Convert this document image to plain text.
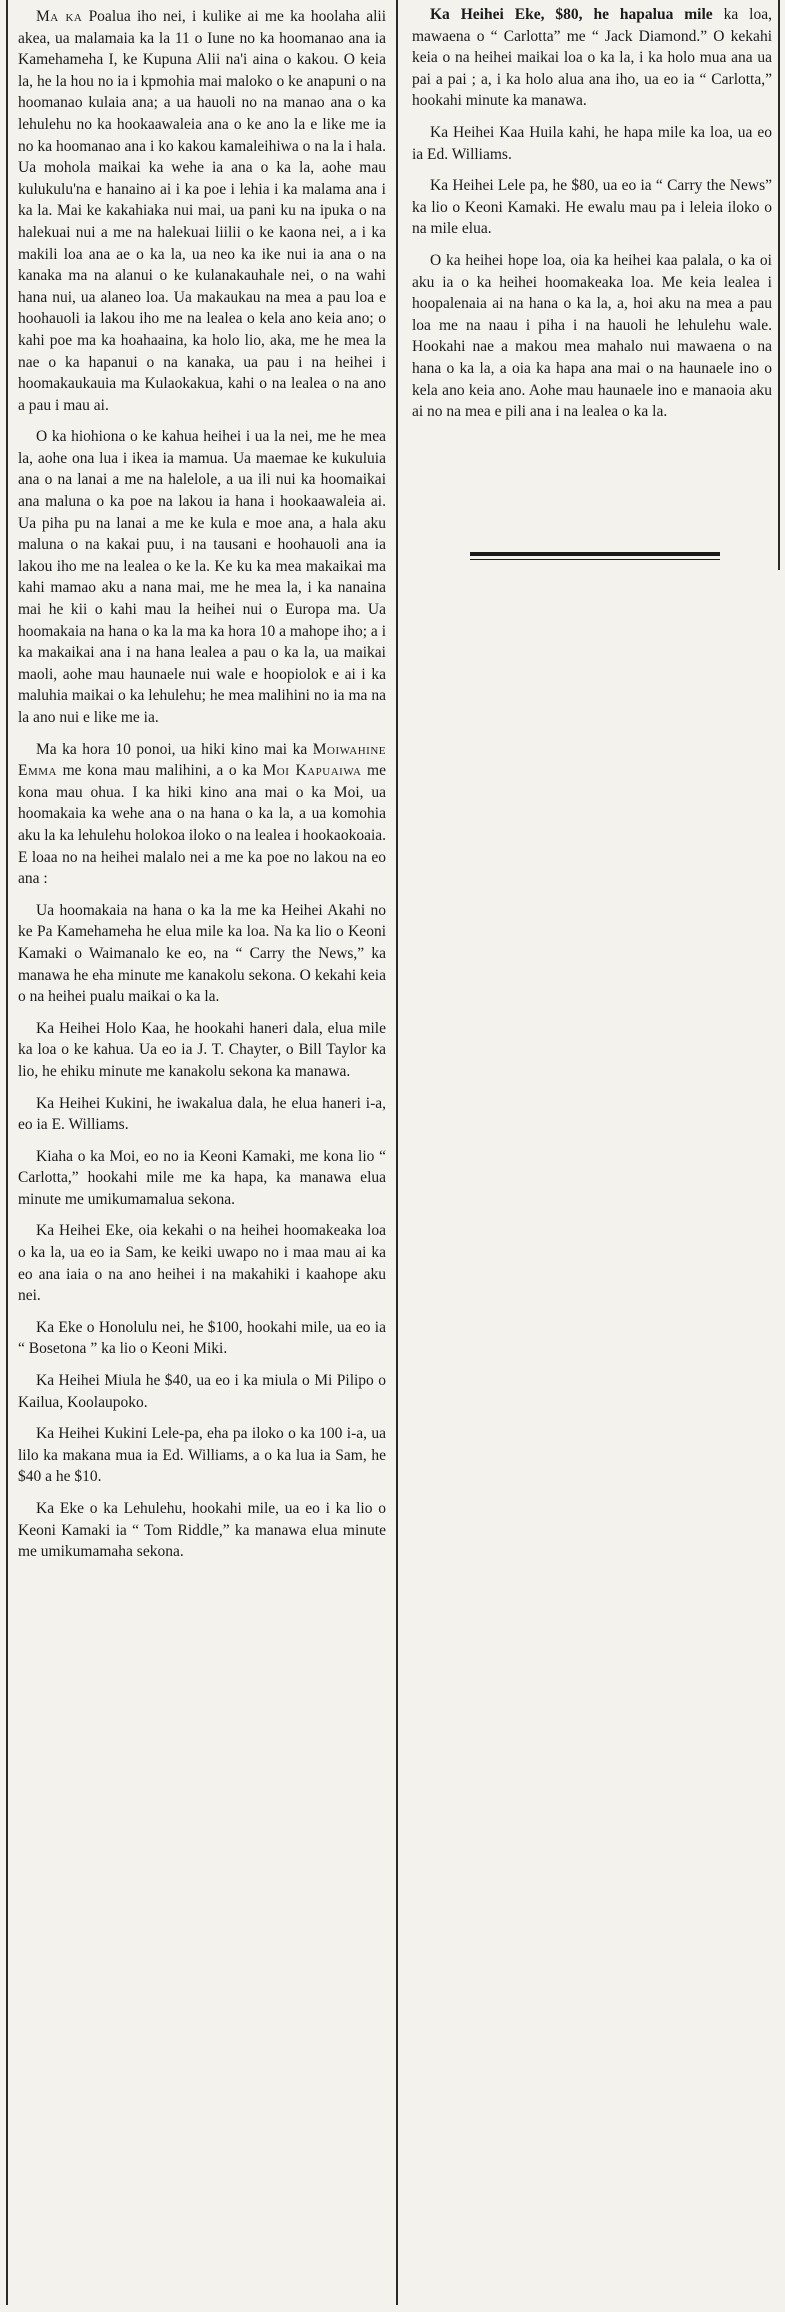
Ma ka Poalua iho nei, i kulike ai me ka hoolaha alii akea, ua malamaia ka la 11 o Iune no ka hoomanao ana ia Kamehameha I, ke Kupuna Alii na'i aina o kakou. O keia la, he la hou no ia i kpmohia mai maloko o ke anapuni o na hoomanao kulaia ana; a ua hauoli no na manao ana o ka lehulehu no ka hookaawaleia ana o ke ano la e like me ia no ka hoomanao ana i ko kakou kamaleihiwa o na la i hala. Ua mohola maikai ka wehe ia ana o ka la, aohe mau kulukulu'na e hanaino ai i ka poe i lehia i ka malama ana i ka la. Mai ke kakahiaka nui mai, ua pani ku na ipuka o na halekuai nui a me na halekuai liilii o ke kaona nei, a i ka makili loa ana ae o ka la, ua neo ka ike nui ia ana o na kanaka ma na alanui o ke kulanakauhale nei, o na wahi hana nui, ua alaneo loa. Ua makaukau na mea a pau loa e hoohauoli ia lakou iho me na lealea o kela ano keia ano; o kahi poe ma ka hoahaaina, ka holo lio, aka, me he mea la nae o ka hapanui o na kanaka, ua pau i na heihei i hoomakaukauia ma Kulaokakua, kahi o na lealea o na ano a pau i mau ai.

O ka hiohiona o ke kahua heihei i ua la nei, me he mea la, aohe ona lua i ikea ia mamua. Ua maemae ke kukuluia ana o na lanai a me na halelole, a ua ili nui ka hoomaikai ana maluna o ka poe na lakou ia hana i hookaawaleia ai. Ua piha pu na lanai a me ke kula e moe ana, a hala aku maluna o na kakai puu, i na tausani e hoohauoli ana ia lakou iho me na lealea o ke la. Ke ku ka mea makaikai ma kahi mamao aku a nana mai, me he mea la, i ka nanaina mai he kii o kahi mau la heihei nui o Europa ma. Ua hoomakaia na hana o ka la ma ka hora 10 a mahope iho; a i ka makaikai ana i na hana lealea a pau o ka la, ua maikai maoli, aohe mau haunaele nui wale e hoopiolok e ai i ka maluhia maikai o ka lehulehu; he mea malihini no ia ma na la ano nui e like me ia.

Ma ka hora 10 ponoi, ua hiki kino mai ka Moiwahine Emma me kona mau malihini, a o ka Moi Kapuaiwa me kona mau ohua. I ka hiki kino ana mai o ka Moi, ua hoomakaia ka wehe ana o na hana o ka la, a ua komohia aku la ka lehulehu holokoa iloko o na lealea i hookaokoaia. E loaa no na heihei malalo nei a me ka poe no lakou na eo ana :

Ua hoomakaia na hana o ka la me ka Heihei Akahi no ke Pa Kamehameha he elua mile ka loa. Na ka lio o Keoni Kamaki o Waimanalo ke eo, na “ Carry the News,” ka manawa he eha minute me kanakolu sekona. O kekahi keia o na heihei pualu maikai o ka la.

Ka Heihei Holo Kaa, he hookahi haneri dala, elua mile ka loa o ke kahua. Ua eo ia J. T. Chayter, o Bill Taylor ka lio, he ehiku minute me kanakolu sekona ka manawa.

Ka Heihei Kukini, he iwakalua dala, he elua haneri i-a, eo ia E. Williams.

Kiaha o ka Moi, eo no ia Keoni Kamaki, me kona lio “ Carlotta,” hookahi mile me ka hapa, ka manawa elua minute me umikumamalua sekona.

Ka Heihei Eke, oia kekahi o na heihei hoomakeaka loa o ka la, ua eo ia Sam, ke keiki uwapo no i maa mau ai ka eo ana iaia o na ano heihei i na makahiki i kaahope aku nei.

Ka Eke o Honolulu nei, he $100, hookahi mile, ua eo ia “ Bosetona ” ka lio o Keoni Miki.

Ka Heihei Miula he $40, ua eo i ka miula o Mi Pilipo o Kailua, Koolaupoko.

Ka Heihei Kukini Lele-pa, eha pa iloko o ka 100 i-a, ua lilo ka makana mua ia Ed. Williams, a o ka lua ia Sam, he $40 a he $10.

Ka Eke o ka Lehulehu, hookahi mile, ua eo i ka lio o Keoni Kamaki ia “ Tom Riddle,” ka manawa elua minute me umikumamaha sekona.

Ka Heihei Eke, $80, he hapalua mile ka loa, mawaena o “ Carlotta” me “ Jack Diamond.” O kekahi keia o na heihei maikai loa o ka la, i ka holo mua ana ua pai a pai ; a, i ka holo alua ana iho, ua eo ia “ Carlotta,” hookahi minute ka manawa.

Ka Heihei Kaa Huila kahi, he hapa mile ka loa, ua eo ia Ed. Williams.

Ka Heihei Lele pa, he $80, ua eo ia “ Carry the News” ka lio o Keoni Kamaki. He ewalu mau pa i leleia iloko o na mile elua.

O ka heihei hope loa, oia ka heihei kaa palala, o ka oi aku ia o ka heihei hoomakeaka loa. Me keia lealea i hoopalenaia ai na hana o ka la, a, hoi aku na mea a pau loa me na naau i piha i na hauoli he lehulehu wale. Hookahi nae a makou mea mahalo nui mawaena o na hana o ka la, a oia ka hapa ana mai o na haunaele ino o kela ano keia ano. Aohe mau haunaele ino e manaoia aku ai no na mea e pili ana i na lealea o ka la.
